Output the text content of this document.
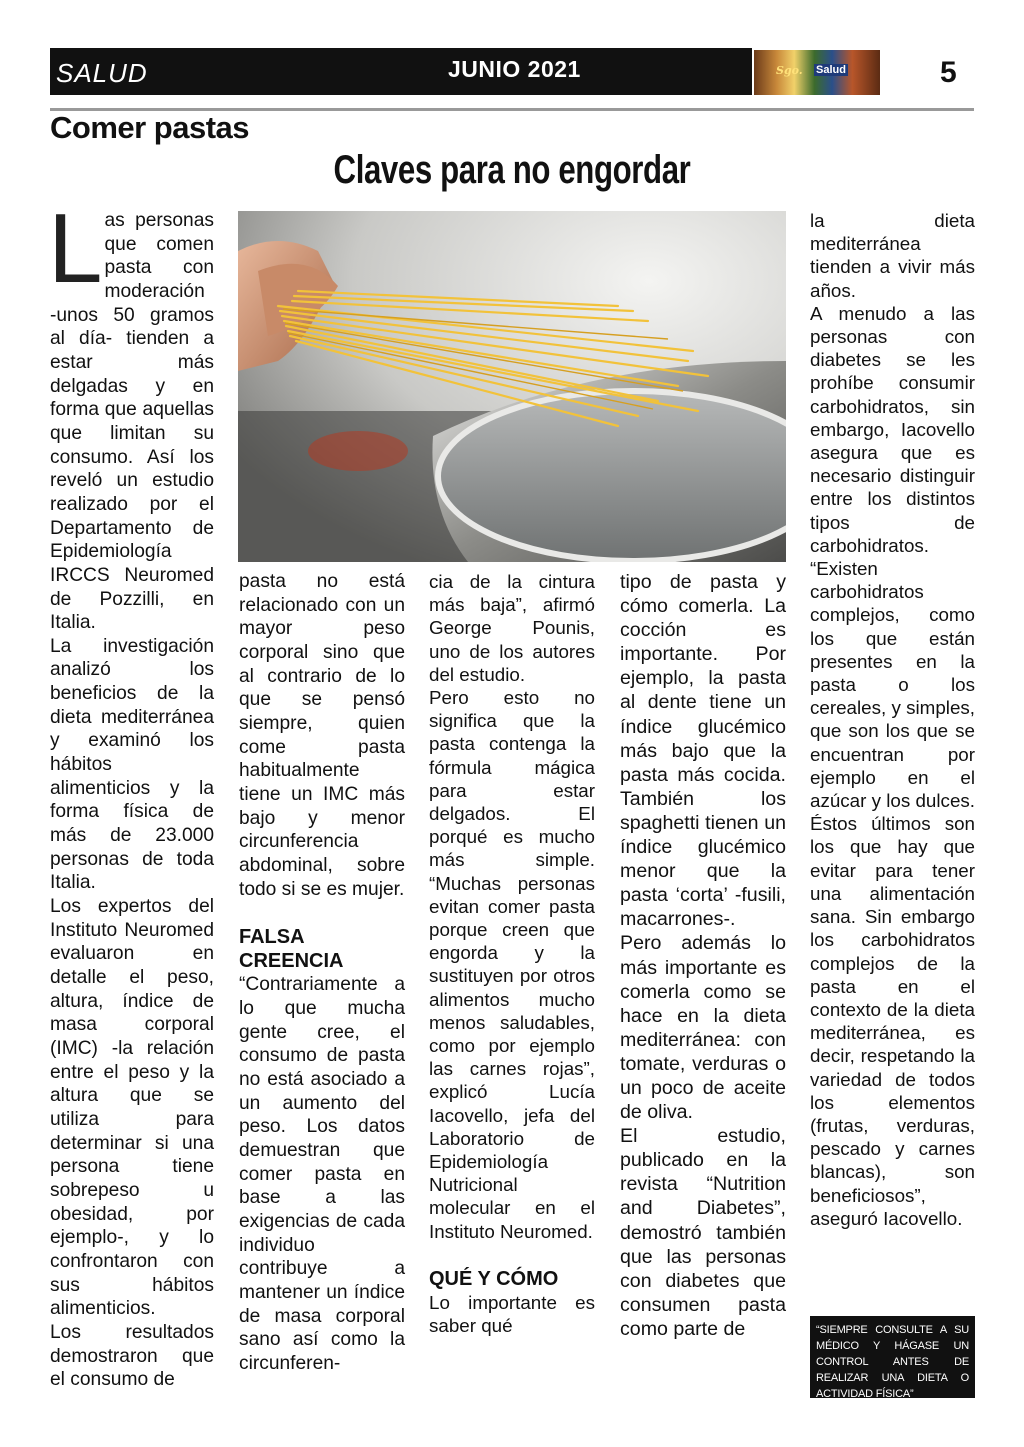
SALUD	JUNIO 2021	Sgo. Salud	5
Comer pastas
Claves para no engordar
L as personas que comen pasta con moderación -unos 50 gramos al día- tienden a estar más delgadas y en forma que aquellas que limitan su consumo. Así los reveló un estudio realizado por el Departamento de Epidemiología IRCCS Neuromed de Pozzilli, en Italia.

La investigación analizó los beneficios de la dieta mediterránea y examinó los hábitos alimenticios y la forma física de más de 23.000 personas de toda Italia.

Los expertos del Instituto Neuromed evaluaron en detalle el peso, altura, índice de masa corporal (IMC) -la relación entre el peso y la altura que se utiliza para determinar si una persona tiene sobrepeso u obesidad, por ejemplo-, y lo confrontaron con sus hábitos alimenticios.

Los resultados demostraron que el consumo de

pasta no está relacionado con un mayor peso corporal sino que al contrario de lo que se pensó siempre, quien come pasta habitualmente tiene un IMC más bajo y menor circunferencia abdominal, sobre todo si se es mujer.

FALSA CREENCIA

“Contrariamente a lo que mucha gente cree, el consumo de pasta no está asociado a un aumento del peso. Los datos demuestran que comer pasta en base a las exigencias de cada individuo contribuye a mantener un índice de masa corporal sano así como la circunferen-

cia de la cintura más baja”, afirmó George Pounis, uno de los autores del estudio.

Pero esto no significa que la pasta contenga la fórmula mágica para estar delgados. El porqué es mucho más simple. “Muchas personas evitan comer pasta porque creen que engorda y la sustituyen por otros alimentos mucho menos saludables, como por ejemplo las carnes rojas”, explicó Lucía Iacovello, jefa del Laboratorio de Epidemiología Nutricional molecular en el Instituto Neuromed.

QUÉ Y CÓMO

Lo importante es saber qué

tipo de pasta y cómo comerla. La cocción es importante. Por ejemplo, la pasta al dente tiene un índice glucémico más bajo que la pasta más cocida. También los spaghetti tienen un índice glucémico menor que la pasta ‘corta’ -fusili, macarrones-.

Pero además lo más importante es comerla como se hace en la dieta mediterránea: con tomate, verduras o un poco de aceite de oliva.

El estudio, publicado en la revista “Nutrition and Diabetes”, demostró también que las personas con diabetes que consumen pasta como parte de

la dieta mediterránea tienden a vivir más años.

A menudo a las personas con diabetes se les prohíbe consumir carbohidratos, sin embargo, Iacovello asegura que es necesario distinguir entre los distintos tipos de carbohidratos. “Existen carbohidratos complejos, como los que están presentes en la pasta o los cereales, y simples, que son los que se encuentran por ejemplo en el azúcar y los dulces. Éstos últimos son los que hay que evitar para tener una alimentación sana. Sin embargo los carbohidratos complejos de la pasta en el contexto de la dieta mediterránea, es decir, respetando la variedad de todos los elementos (frutas, verduras, pescado y carnes blancas), son beneficiosos”, aseguró Iacovello.

“SIEMPRE CONSULTE A SU MÉDICO Y HÁGASE UN CONTROL ANTES DE REALIZAR UNA DIETA O ACTIVIDAD FÍSICA”
